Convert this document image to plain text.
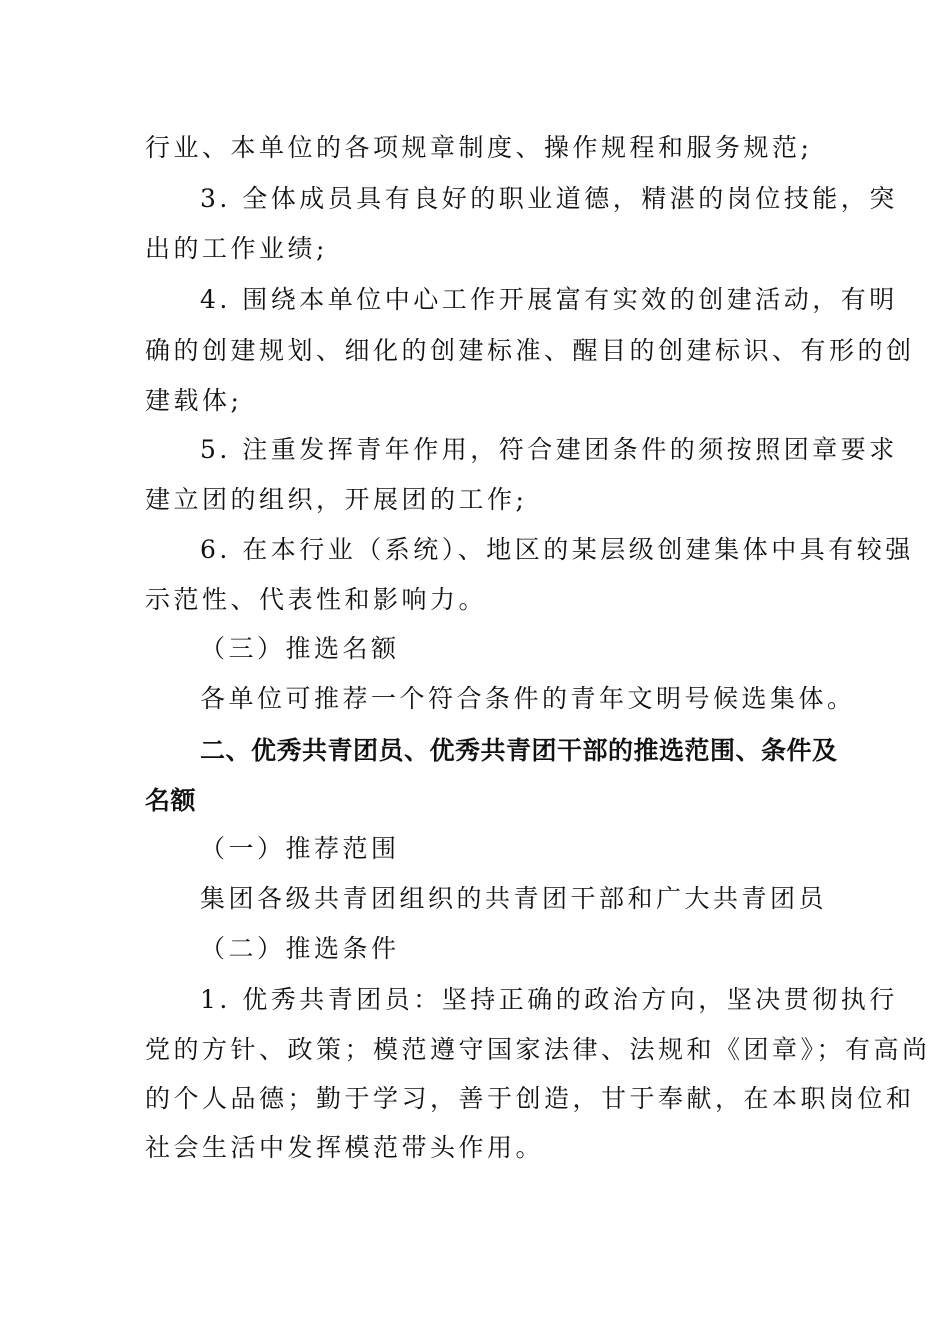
行业、本单位的各项规章制度、操作规程和服务规范;
3. 全体成员具有良好的职业道德，精湛的岗位技能，突
出的工作业绩;
4. 围绕本单位中心工作开展富有实效的创建活动，有明
确的创建规划、细化的创建标准、醒目的创建标识、有形的创
建载体;
5. 注重发挥青年作用，符合建团条件的须按照团章要求
建立团的组织，开展团的工作;
6. 在本行业（系统）、地区的某层级创建集体中具有较强
示范性、代表性和影响力。
（三）推选名额
各单位可推荐一个符合条件的青年文明号候选集体。
二、优秀共青团员、优秀共青团干部的推选范围、条件及
名额
（一）推荐范围
集团各级共青团组织的共青团干部和广大共青团员
（二）推选条件
1. 优秀共青团员：坚持正确的政治方向，坚决贯彻执行
党的方针、政策；模范遵守国家法律、法规和《团章》；有高尚
的个人品德；勤于学习，善于创造，甘于奉献，在本职岗位和
社会生活中发挥模范带头作用。
